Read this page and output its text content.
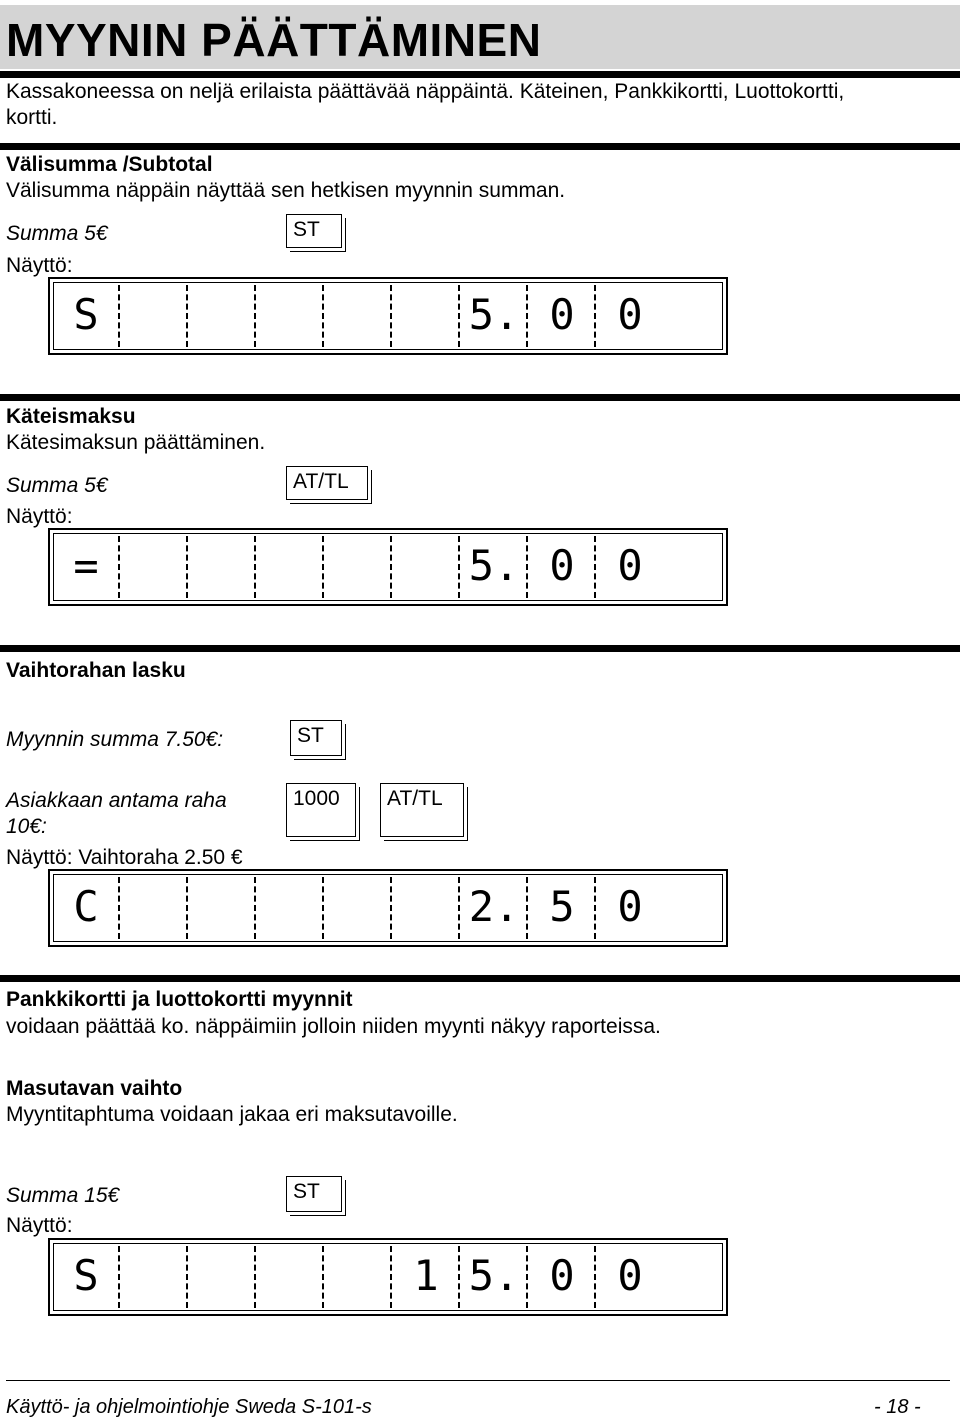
MYYNIN PÄÄTTÄMINEN
Kassakoneessa on neljä erilaista päättävää näppäintä. Käteinen, Pankkikortti, Luottokortti,
kortti.
Välisumma /Subtotal
Välisumma näppäin näyttää sen hetkisen myynnin summan.
Summa 5€	ST
Näyttö:
S	5. 0	0
Käteismaksu
Kätesimaksun päättäminen.
Summa 5€	AT/TL
Näyttö:
=	5. 0	0
Vaihtorahan lasku
Myynnin summa 7.50€:	ST
Asiakkaan antama raha
10€:
1000	AT/TL
Näyttö: Vaihtoraha 2.50 €
C	2. 5	0
Pankkikortti ja luottokortti myynnit
voidaan päättää ko. näppäimiin jolloin niiden myynti näkyy raporteissa.
Masutavan vaihto
Myyntitaphtuma voidaan jakaa eri maksutavoille.
Summa 15€	ST
Näyttö:
S	1 5. 0	0
Käyttö- ja ohjelmointiohje Sweda S-101-s	- 18 -
